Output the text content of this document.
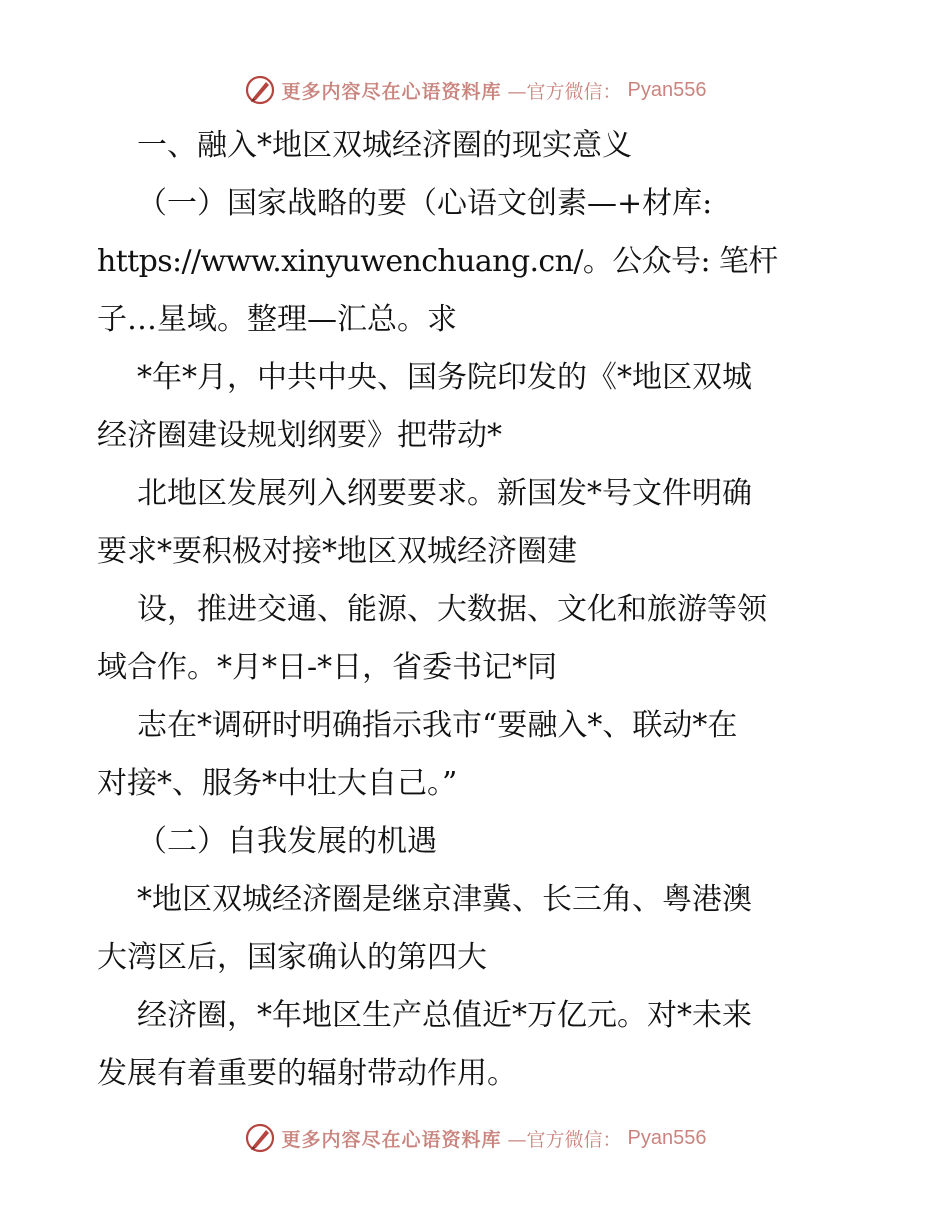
更多内容尽在心语资料库 —官方微信： Pyan556
一、融入*地区双城经济圈的现实意义
（一）国家战略的要（心语文创素—+材库:
https://www.xinyuwenchuang.cn/。公众号: 笔杆
子…星域。整理—汇总。求
*年*月，中共中央、国务院印发的《*地区双城
经济圈建设规划纲要》把带动*
北地区发展列入纲要要求。新国发*号文件明确
要求*要积极对接*地区双城经济圈建
设，推进交通、能源、大数据、文化和旅游等领
域合作。*月*日-*日，省委书记*同
志在*调研时明确指示我市“要融入*、联动*在
对接*、服务*中壮大自己。”
（二）自我发展的机遇
*地区双城经济圈是继京津冀、长三角、粤港澳
大湾区后，国家确认的第四大
经济圈，*年地区生产总值近*万亿元。对*未来
发展有着重要的辐射带动作用。
更多内容尽在心语资料库 —官方微信： Pyan556
